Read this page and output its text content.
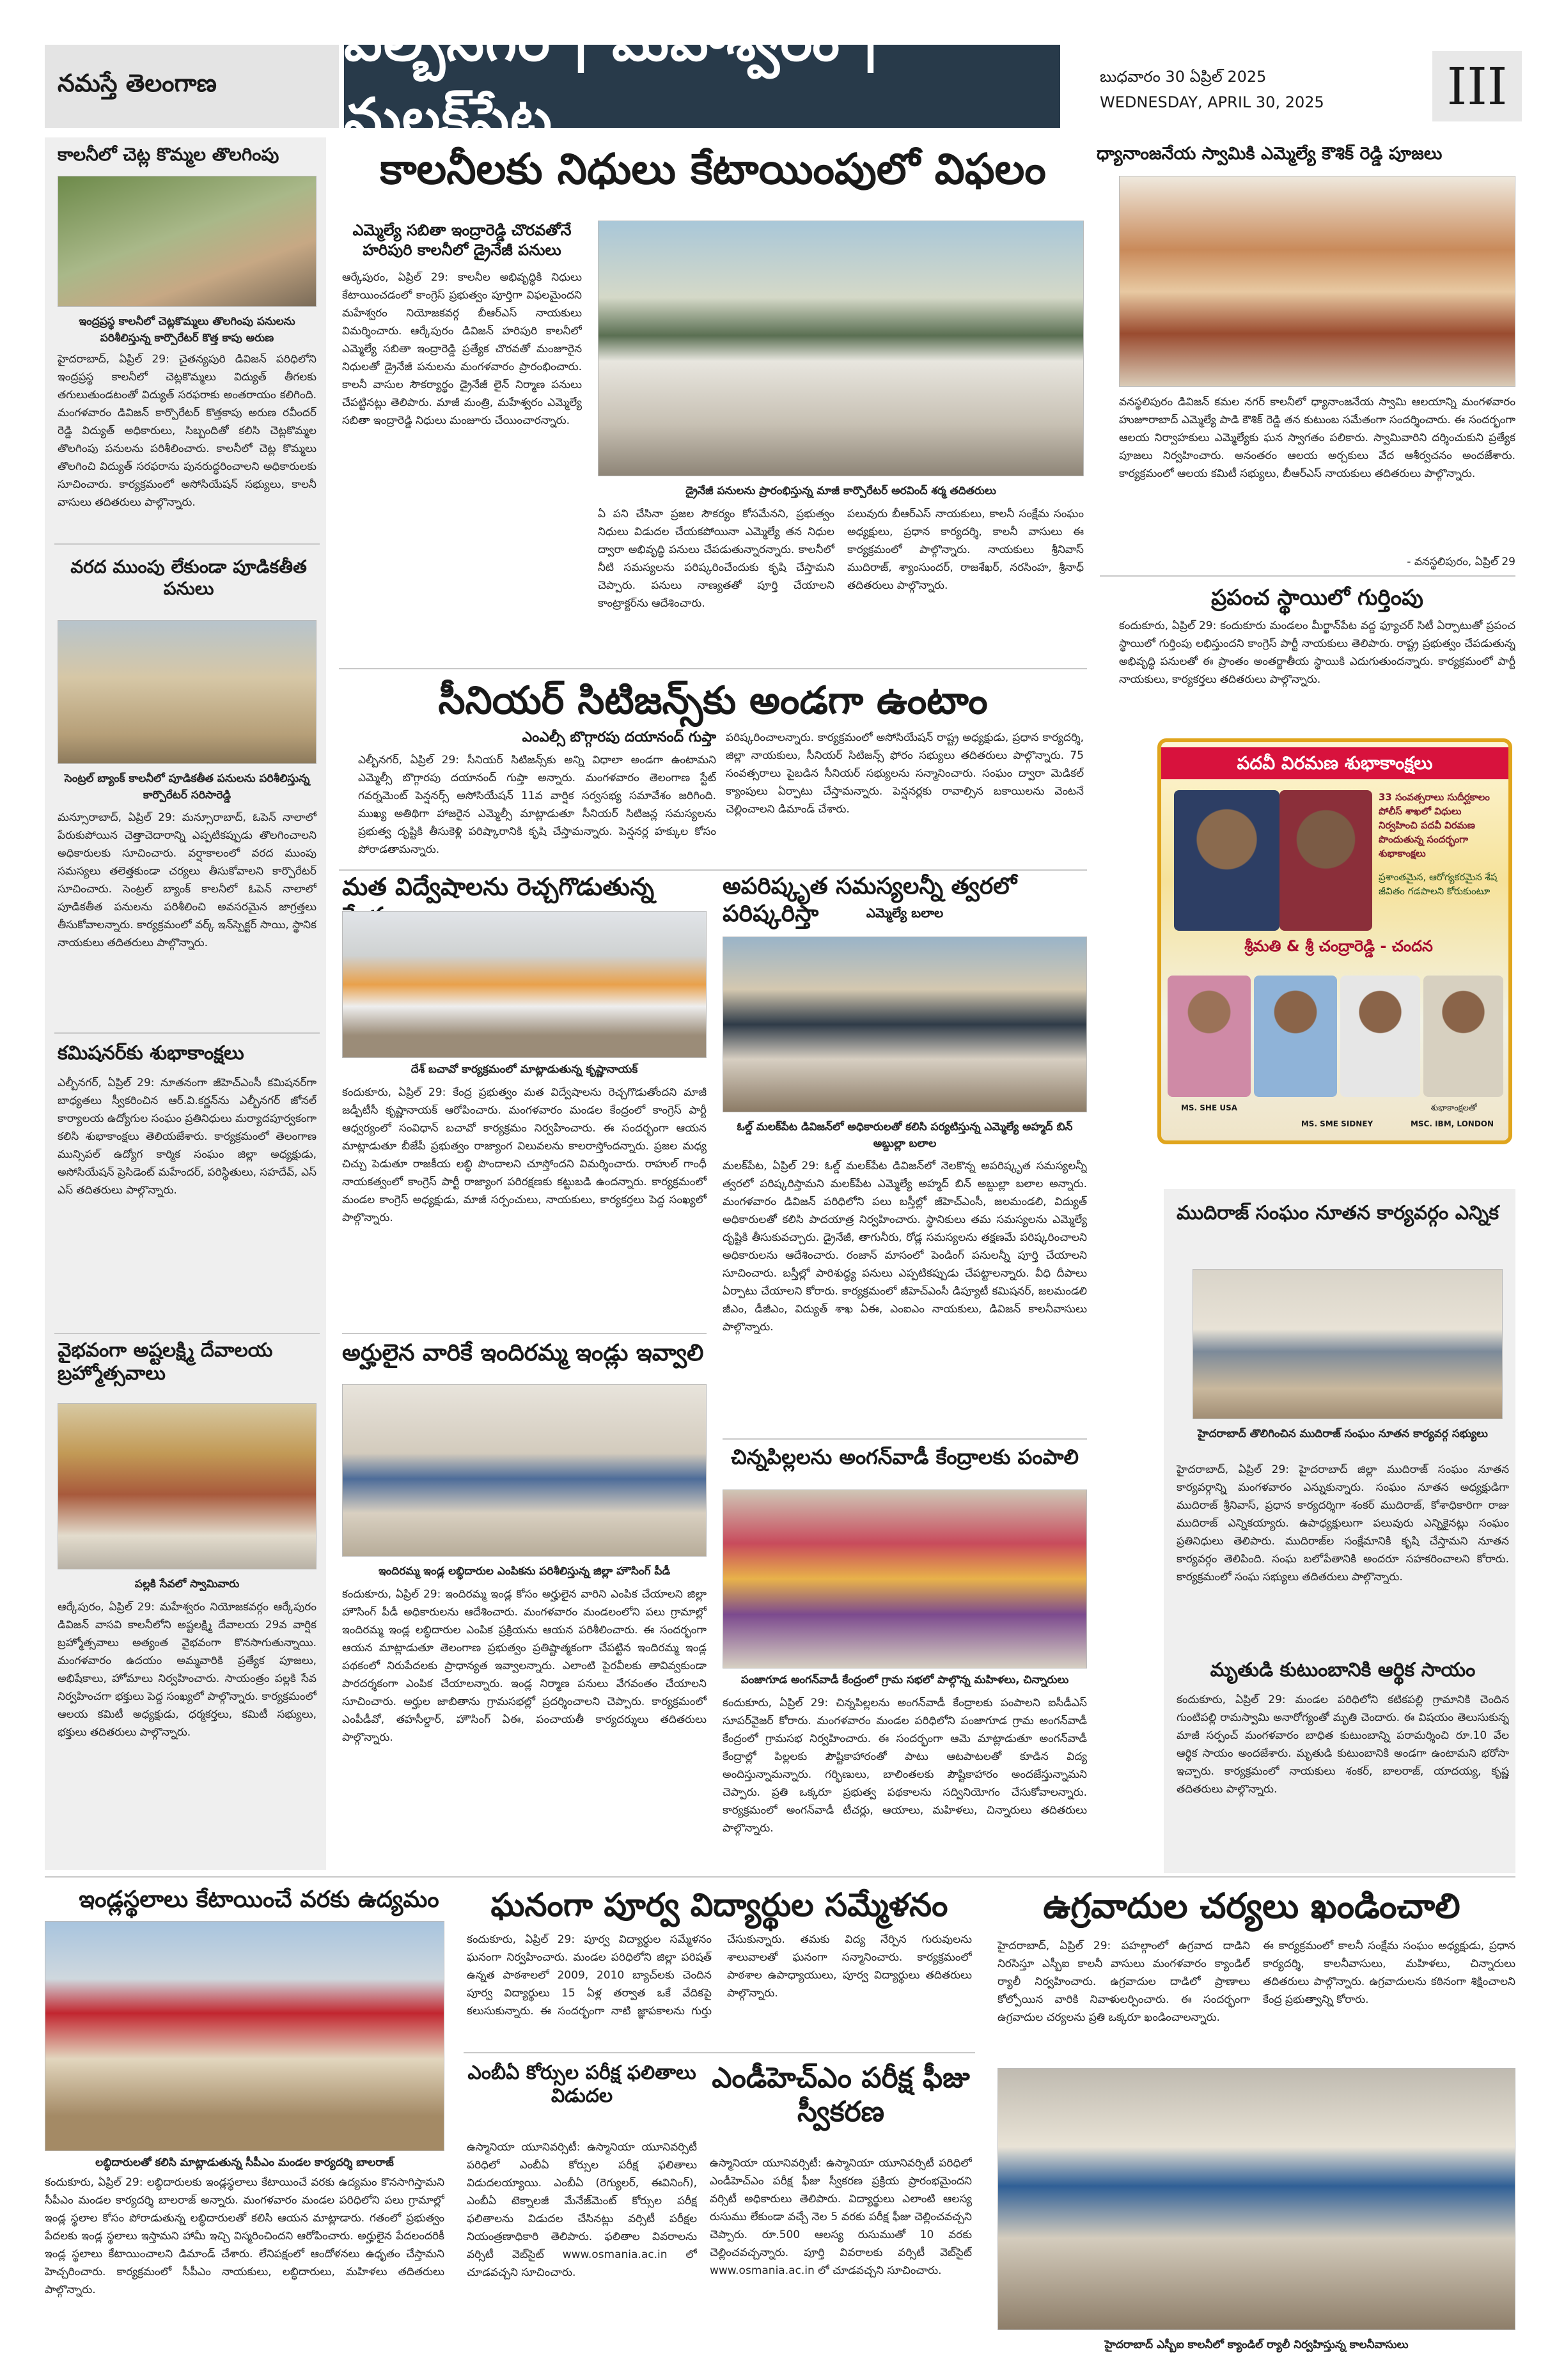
నమస్తే తెలంగాణ
ఎల్బీనగర్ | మహేశ్వరం | మలక్‌పేట
బుధవారం 30 ఏప్రిల్ 2025
WEDNESDAY, APRIL 30, 2025	III
కాలనీలో చెట్ల కొమ్మల తొలగింపు
ఇంద్రప్రస్థ కాలనీలో చెట్లకొమ్మలు తొలగింపు పనులను పరిశీలిస్తున్న కార్పొరేటర్ కొత్త కాపు అరుణ
హైదరాబాద్, ఏప్రిల్ 29: చైతన్యపురి డివిజన్ పరిధిలోని ఇంద్రప్రస్థ కాలనీలో చెట్లకొమ్మలు విద్యుత్ తీగలకు తగులుతుండటంతో విద్యుత్ సరఫరాకు అంతరాయం కలిగింది. మంగళవారం డివిజన్ కార్పొరేటర్ కొత్తకాపు అరుణ రవీందర్ రెడ్డి విద్యుత్ అధికారులు, సిబ్బందితో కలిసి చెట్లకొమ్మల తొలగింపు పనులను పరిశీలించారు. కాలనీలో చెట్ల కొమ్మలు తొలగించి విద్యుత్ సరఫరాను పునరుద్ధరించాలని అధికారులకు సూచించారు. కార్యక్రమంలో అసోసియేషన్ సభ్యులు, కాలనీ వాసులు తదితరులు పాల్గొన్నారు.
వరద ముంపు లేకుండా పూడికతీత పనులు
సెంట్రల్ బ్యాంక్ కాలనీలో పూడికతీత పనులను పరిశీలిస్తున్న కార్పొరేటర్ సరిసారెడ్డి
మన్సూరాబాద్, ఏప్రిల్ 29: మన్సూరాబాద్, ఓపెన్ నాలాలో పేరుకుపోయిన చెత్తాచెదారాన్ని ఎప్పటికప్పుడు తొలగించాలని అధికారులకు సూచించారు. వర్షాకాలంలో వరద ముంపు సమస్యలు తలెత్తకుండా చర్యలు తీసుకోవాలని కార్పొరేటర్ సూచించారు. సెంట్రల్ బ్యాంక్ కాలనీలో ఓపెన్ నాలాలో పూడికతీత పనులను పరిశీలించి అవసరమైన జాగ్రత్తలు తీసుకోవాలన్నారు. కార్యక్రమంలో వర్క్ ఇన్‌స్పెక్టర్ సాయి, స్థానిక నాయకులు తదితరులు పాల్గొన్నారు.
కమిషనర్‌కు శుభాకాంక్షలు
ఎల్బీనగర్, ఏప్రిల్ 29: నూతనంగా జీహెచ్ఎంసీ కమిషనర్‌గా బాధ్యతలు స్వీకరించిన ఆర్.వి.కర్ణన్‌ను ఎల్బీనగర్ జోనల్ కార్యాలయ ఉద్యోగుల సంఘం ప్రతినిధులు మర్యాదపూర్వకంగా కలిసి శుభాకాంక్షలు తెలియజేశారు. కార్యక్రమంలో తెలంగాణ మున్సిపల్ ఉద్యోగ కార్మిక సంఘం జిల్లా అధ్యక్షుడు, అసోసియేషన్ ప్రెసిడెంట్ మహేందర్, పరిస్థితులు, సహదేవ్, ఎస్ ఎస్ తదితరులు పాల్గొన్నారు.
వైభవంగా అష్టలక్ష్మి దేవాలయ బ్రహ్మోత్సవాలు
పల్లకి సేవలో స్వామివారు
ఆర్కేపురం, ఏప్రిల్ 29: మహేశ్వరం నియోజకవర్గం ఆర్కేపురం డివిజన్ వాసవి కాలనీలోని అష్టలక్ష్మి దేవాలయ 29వ వార్షిక బ్రహ్మోత్సవాలు అత్యంత వైభవంగా కొనసాగుతున్నాయి. మంగళవారం ఉదయం అమ్మవారికి ప్రత్యేక పూజలు, అభిషేకాలు, హోమాలు నిర్వహించారు. సాయంత్రం పల్లకి సేవ నిర్వహించగా భక్తులు పెద్ద సంఖ్యలో పాల్గొన్నారు. కార్యక్రమంలో ఆలయ కమిటీ అధ్యక్షుడు, ధర్మకర్తలు, కమిటీ సభ్యులు, భక్తులు తదితరులు పాల్గొన్నారు.
కాలనీలకు నిధులు కేటాయింపులో విఫలం
ఎమ్మెల్యే సబితా ఇంద్రారెడ్డి చొరవతోనే హరిపురి కాలనీలో డ్రైనేజీ పనులు
ఆర్కేపురం, ఏప్రిల్ 29: కాలనీల అభివృద్ధికి నిధులు కేటాయించడంలో కాంగ్రెస్ ప్రభుత్వం పూర్తిగా విఫలమైందని మహేశ్వరం నియోజకవర్గ బీఆర్ఎస్ నాయకులు విమర్శించారు. ఆర్కేపురం డివిజన్ హరిపురి కాలనీలో ఎమ్మెల్యే సబితా ఇంద్రారెడ్డి ప్రత్యేక చొరవతో మంజూరైన నిధులతో డ్రైనేజీ పనులను మంగళవారం ప్రారంభించారు. కాలనీ వాసుల సౌకర్యార్థం డ్రైనేజీ లైన్ నిర్మాణ పనులు చేపట్టినట్లు తెలిపారు. మాజీ మంత్రి, మహేశ్వరం ఎమ్మెల్యే సబితా ఇంద్రారెడ్డి నిధులు మంజూరు చేయించారన్నారు.
డ్రైనేజీ పనులను ప్రారంభిస్తున్న మాజీ కార్పొరేటర్ అరవింద్ శర్మ తదితరులు
ఏ పని చేసినా ప్రజల సౌకర్యం కోసమేనని, ప్రభుత్వం నిధులు విడుదల చేయకపోయినా ఎమ్మెల్యే తన నిధుల ద్వారా అభివృద్ధి పనులు చేపడుతున్నారన్నారు. కాలనీలో నీటి సమస్యలను పరిష్కరించేందుకు కృషి చేస్తామని చెప్పారు. పనులు నాణ్యతతో పూర్తి చేయాలని కాంట్రాక్టర్‌ను ఆదేశించారు.
పలువురు బీఆర్ఎస్ నాయకులు, కాలనీ సంక్షేమ సంఘం అధ్యక్షులు, ప్రధాన కార్యదర్శి, కాలనీ వాసులు ఈ కార్యక్రమంలో పాల్గొన్నారు. నాయకులు శ్రీనివాస్ ముదిరాజ్, శ్యాంసుందర్, రాజశేఖర్, నరసింహ, శ్రీనాధ్ తదితరులు పాల్గొన్నారు.
ధ్యానాంజనేయ స్వామికి ఎమ్మెల్యే కౌశిక్ రెడ్డి పూజలు
వనస్థలిపురం డివిజన్ కమల నగర్ కాలనీలో ధ్యానాంజనేయ స్వామి ఆలయాన్ని మంగళవారం హుజూరాబాద్ ఎమ్మెల్యే పాడి కౌశిక్ రెడ్డి తన కుటుంబ సమేతంగా సందర్శించారు. ఈ సందర్భంగా ఆలయ నిర్వాహకులు ఎమ్మెల్యేకు ఘన స్వాగతం పలికారు. స్వామివారిని దర్శించుకుని ప్రత్యేక పూజలు నిర్వహించారు. అనంతరం ఆలయ అర్చకులు వేద ఆశీర్వచనం అందజేశారు. కార్యక్రమంలో ఆలయ కమిటీ సభ్యులు, బీఆర్ఎస్ నాయకులు తదితరులు పాల్గొన్నారు.
- వనస్థలిపురం, ఏప్రిల్ 29
ప్రపంచ స్థాయిలో గుర్తింపు
కందుకూరు, ఏప్రిల్ 29: కందుకూరు మండలం మీర్ఖాన్‌పేట వద్ద ఫ్యూచర్ సిటీ ఏర్పాటుతో ప్రపంచ స్థాయిలో గుర్తింపు లభిస్తుందని కాంగ్రెస్ పార్టీ నాయకులు తెలిపారు. రాష్ట్ర ప్రభుత్వం చేపడుతున్న అభివృద్ధి పనులతో ఈ ప్రాంతం అంతర్జాతీయ స్థాయికి ఎదుగుతుందన్నారు. కార్యక్రమంలో పార్టీ నాయకులు, కార్యకర్తలు తదితరులు పాల్గొన్నారు.
పదవీ విరమణ శుభాకాంక్షలు
33 సంవత్సరాలు సుదీర్ఘకాలం పోలీస్ శాఖలో విధులు నిర్వహించి పదవీ విరమణ పొందుతున్న సందర్భంగా శుభాకాంక్షలు
ప్రశాంతమైన, ఆరోగ్యకరమైన శేష జీవితం గడపాలని కోరుకుంటూ
శ్రీమతి & శ్రీ చంద్రారెడ్డి - చందన
MS. SHE USA
MS. SME SIDNEY	MSC. IBM, LONDON
శుభాకాంక్షలతో
ముదిరాజ్ సంఘం నూతన కార్యవర్గం ఎన్నిక
హైదరాబాద్ తొలిగించిన ముదిరాజ్ సంఘం నూతన కార్యవర్గ సభ్యులు
హైదరాబాద్, ఏప్రిల్ 29: హైదరాబాద్ జిల్లా ముదిరాజ్ సంఘం నూతన కార్యవర్గాన్ని మంగళవారం ఎన్నుకున్నారు. సంఘం నూతన అధ్యక్షుడిగా ముదిరాజ్ శ్రీనివాస్, ప్రధాన కార్యదర్శిగా శంకర్ ముదిరాజ్, కోశాధికారిగా రాజు ముదిరాజ్ ఎన్నికయ్యారు. ఉపాధ్యక్షులుగా పలువురు ఎన్నికైనట్లు సంఘం ప్రతినిధులు తెలిపారు. ముదిరాజ్‌ల సంక్షేమానికి కృషి చేస్తామని నూతన కార్యవర్గం తెలిపింది. సంఘ బలోపేతానికి అందరూ సహకరించాలని కోరారు. కార్యక్రమంలో సంఘ సభ్యులు తదితరులు పాల్గొన్నారు.
మృతుడి కుటుంబానికి ఆర్థిక సాయం
కందుకూరు, ఏప్రిల్ 29: మండల పరిధిలోని కటికపల్లి గ్రామానికి చెందిన గుంటిపల్లి రామస్వామి అనారోగ్యంతో మృతి చెందారు. ఈ విషయం తెలుసుకున్న మాజీ సర్పంచ్ మంగళవారం బాధిత కుటుంబాన్ని పరామర్శించి రూ.10 వేల ఆర్థిక సాయం అందజేశారు. మృతుడి కుటుంబానికి అండగా ఉంటామని భరోసా ఇచ్చారు. కార్యక్రమంలో నాయకులు శంకర్, బాలరాజ్, యాదయ్య, కృష్ణ తదితరులు పాల్గొన్నారు.
సీనియర్ సిటిజన్స్‌కు అండగా ఉంటాం
ఎంఎల్సీ బొగ్గారపు దయానంద్ గుప్తా
ఎల్బీనగర్, ఏప్రిల్ 29: సీనియర్ సిటిజన్స్‌కు అన్ని విధాలా అండగా ఉంటామని ఎమ్మెల్సీ బొగ్గారపు దయానంద్ గుప్తా అన్నారు. మంగళవారం తెలంగాణ స్టేట్ గవర్నమెంట్ పెన్షనర్స్ అసోసియేషన్ 11వ వార్షిక సర్వసభ్య సమావేశం జరిగింది. ముఖ్య అతిథిగా హాజరైన ఎమ్మెల్సీ మాట్లాడుతూ సీనియర్ సిటిజన్ల సమస్యలను ప్రభుత్వ దృష్టికి తీసుకెళ్లి పరిష్కారానికి కృషి చేస్తామన్నారు. పెన్షనర్ల హక్కుల కోసం పోరాడతామన్నారు.
పరిష్కరించాలన్నారు. కార్యక్రమంలో అసోసియేషన్ రాష్ట్ర అధ్యక్షుడు, ప్రధాన కార్యదర్శి, జిల్లా నాయకులు, సీనియర్ సిటిజన్స్ ఫోరం సభ్యులు తదితరులు పాల్గొన్నారు. 75 సంవత్సరాలు పైబడిన సీనియర్ సభ్యులను సన్మానించారు. సంఘం ద్వారా మెడికల్ క్యాంపులు ఏర్పాటు చేస్తామన్నారు. పెన్షనర్లకు రావాల్సిన బకాయిలను వెంటనే చెల్లించాలని డిమాండ్ చేశారు.
మత విద్వేషాలను రెచ్చగొడుతున్న
దేశ్ బచావో కార్యక్రమంలో మాట్లాడుతున్న కృష్ణానాయక్
కందుకూరు, ఏప్రిల్ 29: కేంద్ర ప్రభుత్వం మత విద్వేషాలను రెచ్చగొడుతోందని మాజీ జడ్పీటీసీ కృష్ణానాయక్ ఆరోపించారు. మంగళవారం మండల కేంద్రంలో కాంగ్రెస్ పార్టీ ఆధ్వర్యంలో సంవిధాన్ బచావో కార్యక్రమం నిర్వహించారు. ఈ సందర్భంగా ఆయన మాట్లాడుతూ బీజేపీ ప్రభుత్వం రాజ్యాంగ విలువలను కాలరాస్తోందన్నారు. ప్రజల మధ్య చిచ్చు పెడుతూ రాజకీయ లబ్ధి పొందాలని చూస్తోందని విమర్శించారు. రాహుల్ గాంధీ నాయకత్వంలో కాంగ్రెస్ పార్టీ రాజ్యాంగ పరిరక్షణకు కట్టుబడి ఉందన్నారు. కార్యక్రమంలో మండల కాంగ్రెస్ అధ్యక్షుడు, మాజీ సర్పంచులు, నాయకులు, కార్యకర్తలు పెద్ద సంఖ్యలో పాల్గొన్నారు.
అర్హులైన వారికే ఇందిరమ్మ ఇండ్లు ఇవ్వాలి
ఇందిరమ్మ ఇండ్ల లబ్ధిదారుల ఎంపికను పరిశీలిస్తున్న జిల్లా హౌసింగ్ పీడీ
కందుకూరు, ఏప్రిల్ 29: ఇందిరమ్మ ఇండ్ల కోసం అర్హులైన వారిని ఎంపిక చేయాలని జిల్లా హౌసింగ్ పీడీ అధికారులను ఆదేశించారు. మంగళవారం మండలంలోని పలు గ్రామాల్లో ఇందిరమ్మ ఇండ్ల లబ్ధిదారుల ఎంపిక ప్రక్రియను ఆయన పరిశీలించారు. ఈ సందర్భంగా ఆయన మాట్లాడుతూ తెలంగాణ ప్రభుత్వం ప్రతిష్టాత్మకంగా చేపట్టిన ఇందిరమ్మ ఇండ్ల పథకంలో నిరుపేదలకు ప్రాధాన్యత ఇవ్వాలన్నారు. ఎలాంటి పైరవీలకు తావివ్వకుండా పారదర్శకంగా ఎంపిక చేయాలన్నారు. ఇండ్ల నిర్మాణ పనులు వేగవంతం చేయాలని సూచించారు. అర్హుల జాబితాను గ్రామసభల్లో ప్రదర్శించాలని చెప్పారు. కార్యక్రమంలో ఎంపీడీవో, తహసీల్దార్, హౌసింగ్ ఏఈ, పంచాయతీ కార్యదర్శులు తదితరులు పాల్గొన్నారు.
అపరిష్కృత సమస్యలన్నీ త్వరలో పరిష్కరిస్తా	ఎమ్మెల్యే బలాల
ఓల్డ్ మలక్‌పేట డివిజన్‌లో అధికారులతో కలిసి పర్యటిస్తున్న ఎమ్మెల్యే అహ్మద్ బిన్ అబ్దుల్లా బలాల
మలక్‌పేట, ఏప్రిల్ 29: ఓల్డ్ మలక్‌పేట డివిజన్‌లో నెలకొన్న అపరిష్కృత సమస్యలన్నీ త్వరలో పరిష్కరిస్తామని మలక్‌పేట ఎమ్మెల్యే అహ్మద్ బిన్ అబ్దుల్లా బలాల అన్నారు. మంగళవారం డివిజన్ పరిధిలోని పలు బస్తీల్లో జీహెచ్ఎంసీ, జలమండలి, విద్యుత్ అధికారులతో కలిసి పాదయాత్ర నిర్వహించారు. స్థానికులు తమ సమస్యలను ఎమ్మెల్యే దృష్టికి తీసుకువచ్చారు. డ్రైనేజీ, తాగునీరు, రోడ్ల సమస్యలను తక్షణమే పరిష్కరించాలని అధికారులను ఆదేశించారు. రంజాన్ మాసంలో పెండింగ్ పనులన్నీ పూర్తి చేయాలని సూచించారు. బస్తీల్లో పారిశుద్ధ్య పనులు ఎప్పటికప్పుడు చేపట్టాలన్నారు. వీధి దీపాలు ఏర్పాటు చేయాలని కోరారు. కార్యక్రమంలో జీహెచ్ఎంసీ డిప్యూటీ కమిషనర్, జలమండలి జీఎం, డీజీఎం, విద్యుత్ శాఖ ఏఈ, ఎంఐఎం నాయకులు, డివిజన్ కాలనీవాసులు పాల్గొన్నారు.
చిన్నపిల్లలను అంగన్‌వాడీ కేంద్రాలకు పంపాలి
పంజాగూడ అంగన్‌వాడీ కేంద్రంలో గ్రామ సభలో పాల్గొన్న మహిళలు, చిన్నారులు
కందుకూరు, ఏప్రిల్ 29: చిన్నపిల్లలను అంగన్‌వాడీ కేంద్రాలకు పంపాలని ఐసీడీఎస్ సూపర్‌వైజర్ కోరారు. మంగళవారం మండల పరిధిలోని పంజాగూడ గ్రామ అంగన్‌వాడీ కేంద్రంలో గ్రామసభ నిర్వహించారు. ఈ సందర్భంగా ఆమె మాట్లాడుతూ అంగన్‌వాడీ కేంద్రాల్లో పిల్లలకు పౌష్టికాహారంతో పాటు ఆటపాటలతో కూడిన విద్య అందిస్తున్నామన్నారు. గర్భిణులు, బాలింతలకు పౌష్టికాహారం అందజేస్తున్నామని చెప్పారు. ప్రతి ఒక్కరూ ప్రభుత్వ పథకాలను సద్వినియోగం చేసుకోవాలన్నారు. కార్యక్రమంలో అంగన్‌వాడీ టీచర్లు, ఆయాలు, మహిళలు, చిన్నారులు తదితరులు పాల్గొన్నారు.
ఇండ్లస్థలాలు కేటాయించే వరకు ఉద్యమం
లబ్ధిదారులతో కలిసి మాట్లాడుతున్న సీపీఎం మండల కార్యదర్శి బాలరాజ్
కందుకూరు, ఏప్రిల్ 29: లబ్ధిదారులకు ఇండ్లస్థలాలు కేటాయించే వరకు ఉద్యమం కొనసాగిస్తామని సీపీఎం మండల కార్యదర్శి బాలరాజ్ అన్నారు. మంగళవారం మండల పరిధిలోని పలు గ్రామాల్లో ఇండ్ల స్థలాల కోసం పోరాడుతున్న లబ్ధిదారులతో కలిసి ఆయన మాట్లాడారు. గతంలో ప్రభుత్వం పేదలకు ఇండ్ల స్థలాలు ఇస్తామని హామీ ఇచ్చి విస్మరించిందని ఆరోపించారు. అర్హులైన పేదలందరికీ ఇండ్ల స్థలాలు కేటాయించాలని డిమాండ్ చేశారు. లేనిపక్షంలో ఆందోళనలు ఉధృతం చేస్తామని హెచ్చరించారు. కార్యక్రమంలో సీపీఎం నాయకులు, లబ్ధిదారులు, మహిళలు తదితరులు పాల్గొన్నారు.
ఘనంగా పూర్వ విద్యార్థుల సమ్మేళనం
కందుకూరు, ఏప్రిల్ 29: పూర్వ విద్యార్థుల సమ్మేళనం ఘనంగా నిర్వహించారు. మండల పరిధిలోని జిల్లా పరిషత్ ఉన్నత పాఠశాలలో 2009, 2010 బ్యాచ్‌లకు చెందిన పూర్వ విద్యార్థులు 15 ఏళ్ల తర్వాత ఒకే వేదికపై కలుసుకున్నారు. ఈ సందర్భంగా నాటి జ్ఞాపకాలను గుర్తు చేసుకున్నారు. తమకు విద్య నేర్పిన గురువులను శాలువాలతో ఘనంగా సన్మానించారు. కార్యక్రమంలో పాఠశాల ఉపాధ్యాయులు, పూర్వ విద్యార్థులు తదితరులు పాల్గొన్నారు.
ఎంబీఏ కోర్సుల పరీక్ష ఫలితాలు విడుదల
ఉస్మానియా యూనివర్సిటీ: ఉస్మానియా యూనివర్సిటీ పరిధిలో ఎంబీఏ కోర్సుల పరీక్ష ఫలితాలు విడుదలయ్యాయి. ఎంబీఏ (రెగ్యులర్, ఈవినింగ్), ఎంబీఏ టెక్నాలజీ మేనేజ్‌మెంట్ కోర్సుల పరీక్ష ఫలితాలను విడుదల చేసినట్లు వర్సిటీ పరీక్షల నియంత్రణాధికారి తెలిపారు. ఫలితాల వివరాలను వర్సిటీ వెబ్‌సైట్ www.osmania.ac.in లో చూడవచ్చని సూచించారు.
ఎండీహెచ్ఎం పరీక్ష ఫీజు స్వీకరణ
ఉస్మానియా యూనివర్సిటీ: ఉస్మానియా యూనివర్సిటీ పరిధిలో ఎండీహెచ్ఎం పరీక్ష ఫీజు స్వీకరణ ప్రక్రియ ప్రారంభమైందని వర్సిటీ అధికారులు తెలిపారు. విద్యార్థులు ఎలాంటి ఆలస్య రుసుము లేకుండా వచ్చే నెల 5 వరకు పరీక్ష ఫీజు చెల్లించవచ్చని చెప్పారు. రూ.500 ఆలస్య రుసుముతో 10 వరకు చెల్లించవచ్చన్నారు. పూర్తి వివరాలకు వర్సిటీ వెబ్‌సైట్ www.osmania.ac.in లో చూడవచ్చని సూచించారు.
ఉగ్రవాదుల చర్యలు ఖండించాలి
హైదరాబాద్, ఏప్రిల్ 29: పహల్గాంలో ఉగ్రవాద దాడిని నిరసిస్తూ ఎస్బీఐ కాలనీ వాసులు మంగళవారం క్యాండిల్ ర్యాలీ నిర్వహించారు. ఉగ్రవాదుల దాడిలో ప్రాణాలు కోల్పోయిన వారికి నివాళులర్పించారు. ఈ సందర్భంగా ఉగ్రవాదుల చర్యలను ప్రతి ఒక్కరూ ఖండించాలన్నారు.
ఈ కార్యక్రమంలో కాలనీ సంక్షేమ సంఘం అధ్యక్షుడు, ప్రధాన కార్యదర్శి, కాలనీవాసులు, మహిళలు, చిన్నారులు తదితరులు పాల్గొన్నారు. ఉగ్రవాదులను కఠినంగా శిక్షించాలని కేంద్ర ప్రభుత్వాన్ని కోరారు.
హైదరాబాద్ ఎస్బీఐ కాలనీలో క్యాండిల్ ర్యాలీ నిర్వహిస్తున్న కాలనీవాసులు
